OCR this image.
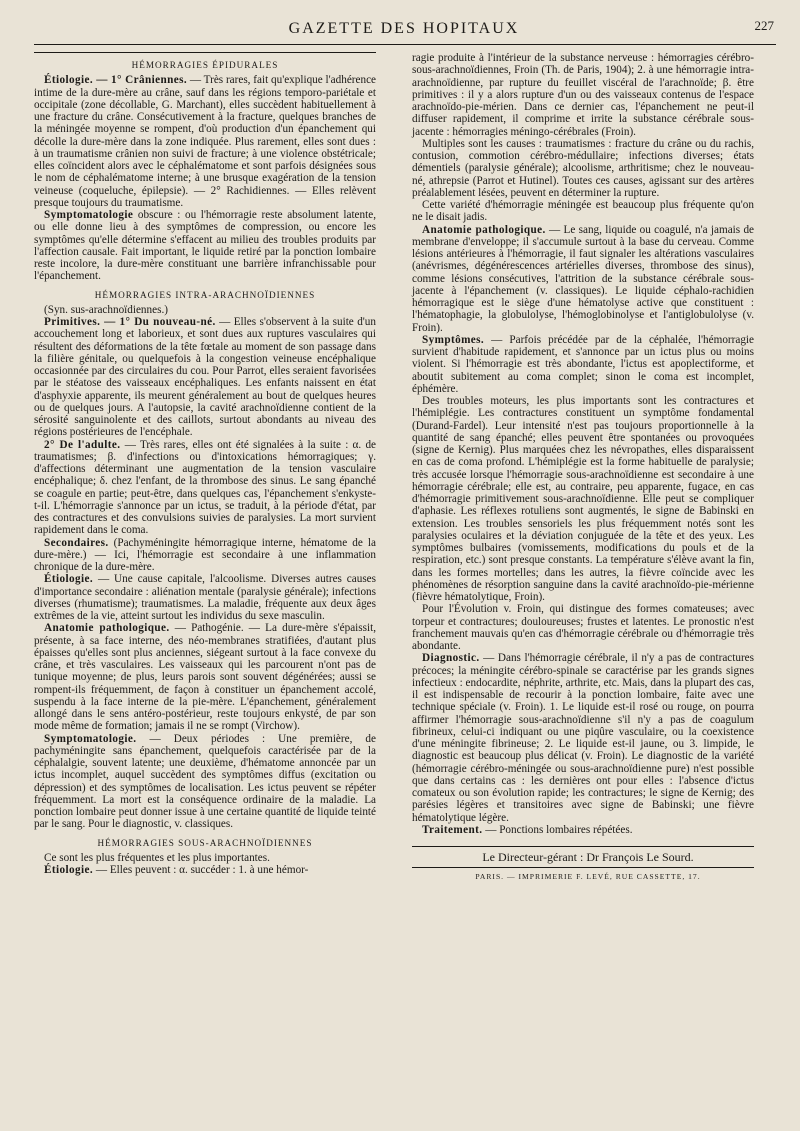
GAZETTE DES HOPITAUX	227
HÉMORRAGIES ÉPIDURALES

Étiologie. — 1° Crâniennes. — Très rares, fait qu'explique l'adhérence intime de la dure-mère au crâne, sauf dans les régions temporo-pariétale et occipitale (zone décollable, G. Marchant), elles succèdent habituellement à une fracture du crâne. Consécutivement à la fracture, quelques branches de la méningée moyenne se rompent, d'où production d'un épanchement qui décolle la dure-mère dans la zone indiquée. Plus rarement, elles sont dues : à un traumatisme crânien non suivi de fracture; à une violence obstétricale; elles coïncident alors avec le céphalématome et sont parfois désignées sous le nom de céphalématome interne; à une brusque exagération de la tension veineuse (coqueluche, épilepsie). — 2° Rachidiennes. — Elles relèvent presque toujours du traumatisme.

Symptomatologie obscure : ou l'hémorragie reste absolument latente, ou elle donne lieu à des symptômes de compression, ou encore les symptômes qu'elle détermine s'effacent au milieu des troubles produits par l'affection causale. Fait important, le liquide retiré par la ponction lombaire reste incolore, la dure-mère constituant une barrière infranchissable pour l'épanchement.

HÉMORRAGIES INTRA-ARACHNOÏDIENNES

(Syn. sus-arachnoïdiennes.)

Primitives. — 1° Du nouveau-né. — Elles s'observent à la suite d'un accouchement long et laborieux, et sont dues aux ruptures vasculaires qui résultent des déformations de la tête fœtale au moment de son passage dans la filière génitale, ou quelquefois à la congestion veineuse encéphalique occasionnée par des circulaires du cou. Pour Parrot, elles seraient favorisées par le stéatose des vaisseaux encéphaliques. Les enfants naissent en état d'asphyxie apparente, ils meurent généralement au bout de quelques heures ou de quelques jours. A l'autopsie, la cavité arachnoïdienne contient de la sérosité sanguinolente et des caillots, surtout abondants au niveau des régions postérieures de l'encéphale.

2° De l'adulte. — Très rares, elles ont été signalées à la suite : α. de traumatismes; β. d'infections ou d'intoxications hémorragiques; γ. d'affections déterminant une augmentation de la tension vasculaire encéphalique; δ. chez l'enfant, de la thrombose des sinus. Le sang épanché se coagule en partie; peut-être, dans quelques cas, l'épanchement s'enkyste-t-il. L'hémorragie s'annonce par un ictus, se traduit, à la période d'état, par des contractures et des convulsions suivies de paralysies. La mort survient rapidement dans le coma.

Secondaires. (Pachyméningite hémorragique interne, hématome de la dure-mère.) — Ici, l'hémorragie est secondaire à une inflammation chronique de la dure-mère.

Étiologie. — Une cause capitale, l'alcoolisme. Diverses autres causes d'importance secondaire : aliénation mentale (paralysie générale); infections diverses (rhumatisme); traumatismes. La maladie, fréquente aux deux âges extrêmes de la vie, atteint surtout les individus du sexe masculin.

Anatomie pathologique. — Pathogénie. — La dure-mère s'épaissit, présente, à sa face interne, des néo-membranes stratifiées, d'autant plus épaisses qu'elles sont plus anciennes, siégeant surtout à la face convexe du crâne, et très vasculaires. Les vaisseaux qui les parcourent n'ont pas de tunique moyenne; de plus, leurs parois sont souvent dégénérées; aussi se rompent-ils fréquemment, de façon à constituer un épanchement accolé, suspendu à la face interne de la pie-mère. L'épanchement, généralement allongé dans le sens antéro-postérieur, reste toujours enkysté, de par son mode même de formation; jamais il ne se rompt (Virchow).

Symptomatologie. — Deux périodes : Une première, de pachyméningite sans épanchement, quelquefois caractérisée par de la céphalalgie, souvent latente; une deuxième, d'hématome annoncée par un ictus incomplet, auquel succèdent des symptômes diffus (excitation ou dépression) et des symptômes de localisation. Les ictus peuvent se répéter fréquemment. La mort est la conséquence ordinaire de la maladie. La ponction lombaire peut donner issue à une certaine quantité de liquide teinté par le sang. Pour le diagnostic, v. classiques.

HÉMORRAGIES SOUS-ARACHNOÏDIENNES

Ce sont les plus fréquentes et les plus importantes.

Étiologie. — Elles peuvent : α. succéder : 1. à une hémor-

ragie produite à l'intérieur de la substance nerveuse : hémorragies cérébro-sous-arachnoïdiennes, Froin (Th. de Paris, 1904); 2. à une hémorragie intra-arachnoïdienne, par rupture du feuillet viscéral de l'arachnoïde; β. être primitives : il y a alors rupture d'un ou des vaisseaux contenus de l'espace arachnoïdo-pie-mérien. Dans ce dernier cas, l'épanchement ne peut-il diffuser rapidement, il comprime et irrite la substance cérébrale sous-jacente : hémorragies méningo-cérébrales (Froin).

Multiples sont les causes : traumatismes : fracture du crâne ou du rachis, contusion, commotion cérébro-médullaire; infections diverses; états démentiels (paralysie générale); alcoolisme, arthritisme; chez le nouveau-né, athrepsie (Parrot et Hutinel). Toutes ces causes, agissant sur des artères préalablement lésées, peuvent en déterminer la rupture.

Cette variété d'hémorragie méningée est beaucoup plus fréquente qu'on ne le disait jadis.

Anatomie pathologique. — Le sang, liquide ou coagulé, n'a jamais de membrane d'enveloppe; il s'accumule surtout à la base du cerveau. Comme lésions antérieures à l'hémorragie, il faut signaler les altérations vasculaires (anévrismes, dégénérescences artérielles diverses, thrombose des sinus), comme lésions consécutives, l'attrition de la substance cérébrale sous-jacente à l'épanchement (v. classiques). Le liquide céphalo-rachidien hémorragique est le siège d'une hématolyse active que constituent : l'hématophagie, la globulolyse, l'hémoglobinolyse et l'antiglobulolyse (v. Froin).

Symptômes. — Parfois précédée par de la céphalée, l'hémorragie survient d'habitude rapidement, et s'annonce par un ictus plus ou moins violent. Si l'hémorragie est très abondante, l'ictus est apoplectiforme, et aboutit subitement au coma complet; sinon le coma est incomplet, éphémère.

Des troubles moteurs, les plus importants sont les contractures et l'hémiplégie. Les contractures constituent un symptôme fondamental (Durand-Fardel). Leur intensité n'est pas toujours proportionnelle à la quantité de sang épanché; elles peuvent être spontanées ou provoquées (signe de Kernig). Plus marquées chez les névropathes, elles disparaissent en cas de coma profond. L'hémiplégie est la forme habituelle de paralysie; très accusée lorsque l'hémorragie sous-arachnoïdienne est secondaire à une hémorragie cérébrale; elle est, au contraire, peu apparente, fugace, en cas d'hémorragie primitivement sous-arachnoïdienne. Elle peut se compliquer d'aphasie. Les réflexes rotuliens sont augmentés, le signe de Babinski en extension. Les troubles sensoriels les plus fréquemment notés sont les paralysies oculaires et la déviation conjuguée de la tête et des yeux. Les symptômes bulbaires (vomissements, modifications du pouls et de la respiration, etc.) sont presque constants. La température s'élève avant la fin, dans les formes mortelles; dans les autres, la fièvre coïncide avec les phénomènes de résorption sanguine dans la cavité arachnoïdo-pie-mérienne (fièvre hématolytique, Froin).

Pour l'Évolution v. Froin, qui distingue des formes comateuses; avec torpeur et contractures; douloureuses; frustes et latentes. Le pronostic n'est franchement mauvais qu'en cas d'hémorragie cérébrale ou d'hémorragie très abondante.

Diagnostic. — Dans l'hémorragie cérébrale, il n'y a pas de contractures précoces; la méningite cérébro-spinale se caractérise par les grands signes infectieux : endocardite, néphrite, arthrite, etc. Mais, dans la plupart des cas, il est indispensable de recourir à la ponction lombaire, faite avec une technique spéciale (v. Froin). 1. Le liquide est-il rosé ou rouge, on pourra affirmer l'hémorragie sous-arachnoïdienne s'il n'y a pas de coagulum fibrineux, celui-ci indiquant ou une piqûre vasculaire, ou la coexistence d'une méningite fibrineuse; 2. Le liquide est-il jaune, ou 3. limpide, le diagnostic est beaucoup plus délicat (v. Froin). Le diagnostic de la variété (hémorragie cérébro-méningée ou sous-arachnoïdienne pure) n'est possible que dans certains cas : les dernières ont pour elles : l'absence d'ictus comateux ou son évolution rapide; les contractures; le signe de Kernig; des parésies légères et transitoires avec signe de Babinski; une fièvre hématolytique légère.

Traitement. — Ponctions lombaires répétées.

Le Directeur-gérant : Dr François Le Sourd.

PARIS. — IMPRIMERIE F. LEVÉ, RUE CASSETTE, 17.
